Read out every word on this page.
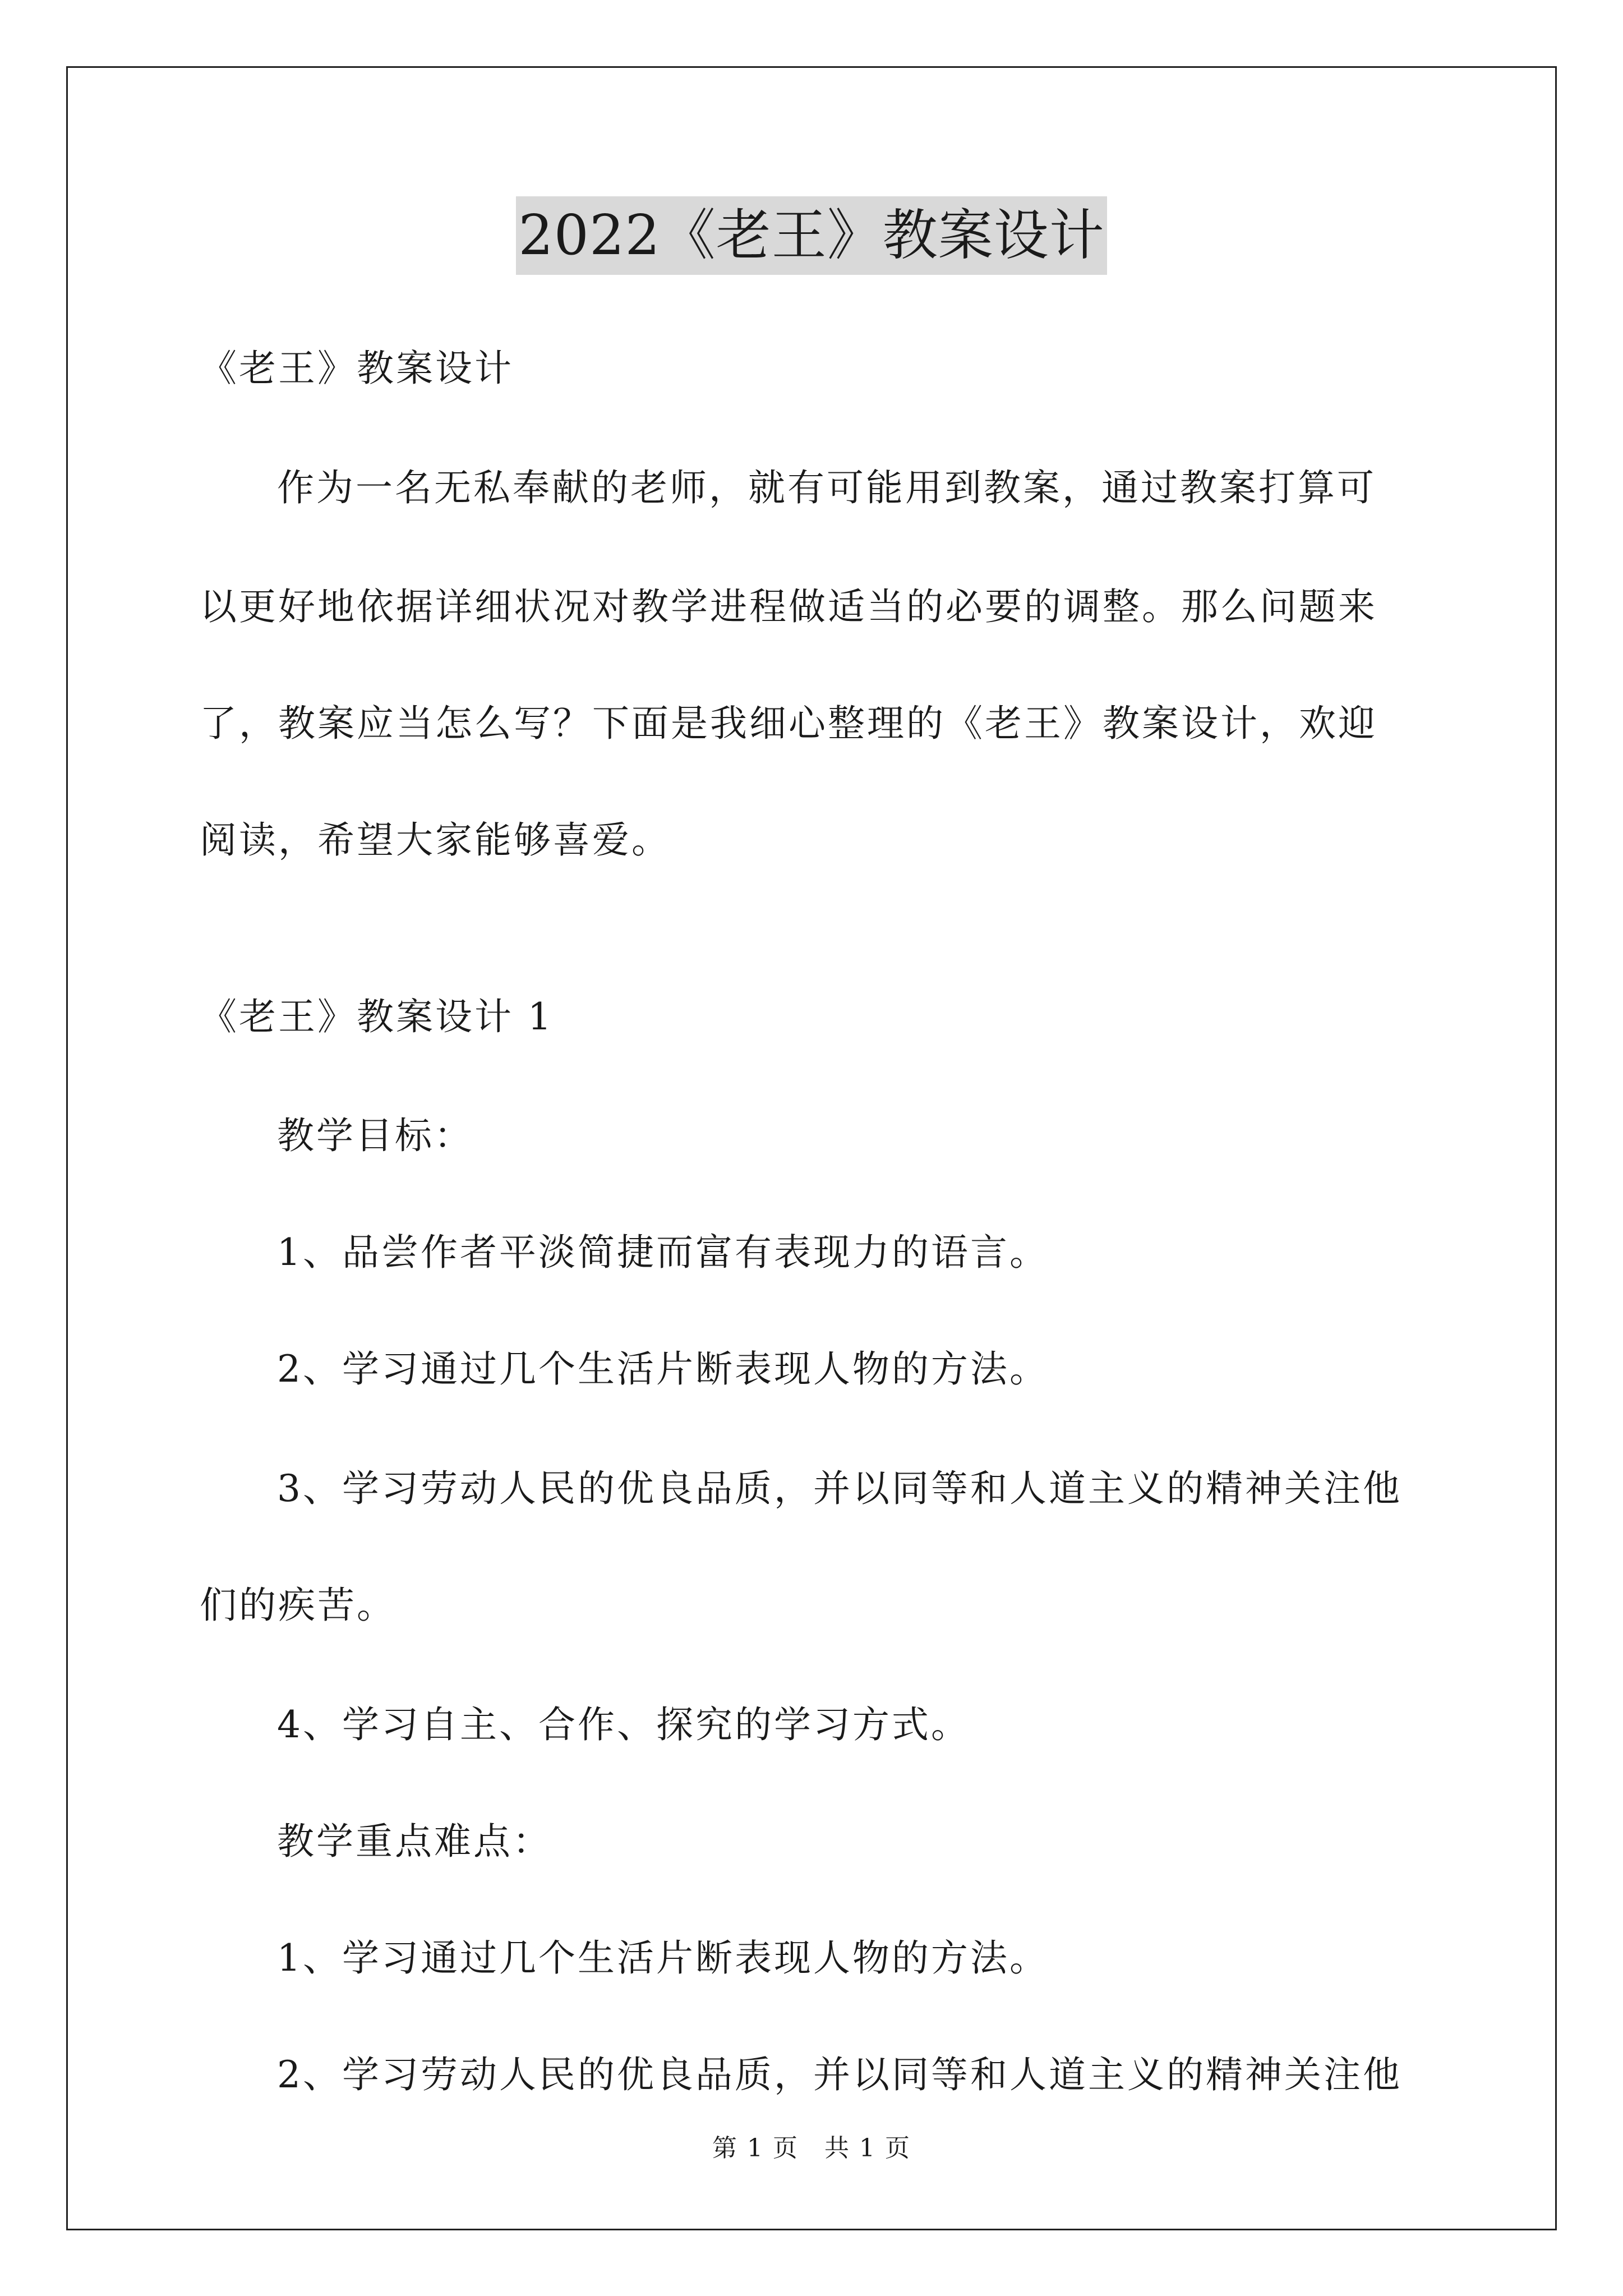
2022《老王》教案设计
《老王》教案设计
作为一名无私奉献的老师，就有可能用到教案，通过教案打算可
以更好地依据详细状况对教学进程做适当的必要的调整。那么问题来
了，教案应当怎么写？下面是我细心整理的《老王》教案设计，欢迎
阅读，希望大家能够喜爱。
《老王》教案设计 1
教学目标：
1、品尝作者平淡简捷而富有表现力的语言。
2、学习通过几个生活片断表现人物的方法。
3、学习劳动人民的优良品质，并以同等和人道主义的精神关注他
们的疾苦。
4、学习自主、合作、探究的学习方式。
教学重点难点：
1、学习通过几个生活片断表现人物的方法。
2、学习劳动人民的优良品质，并以同等和人道主义的精神关注他
第 1 页　共 1 页
